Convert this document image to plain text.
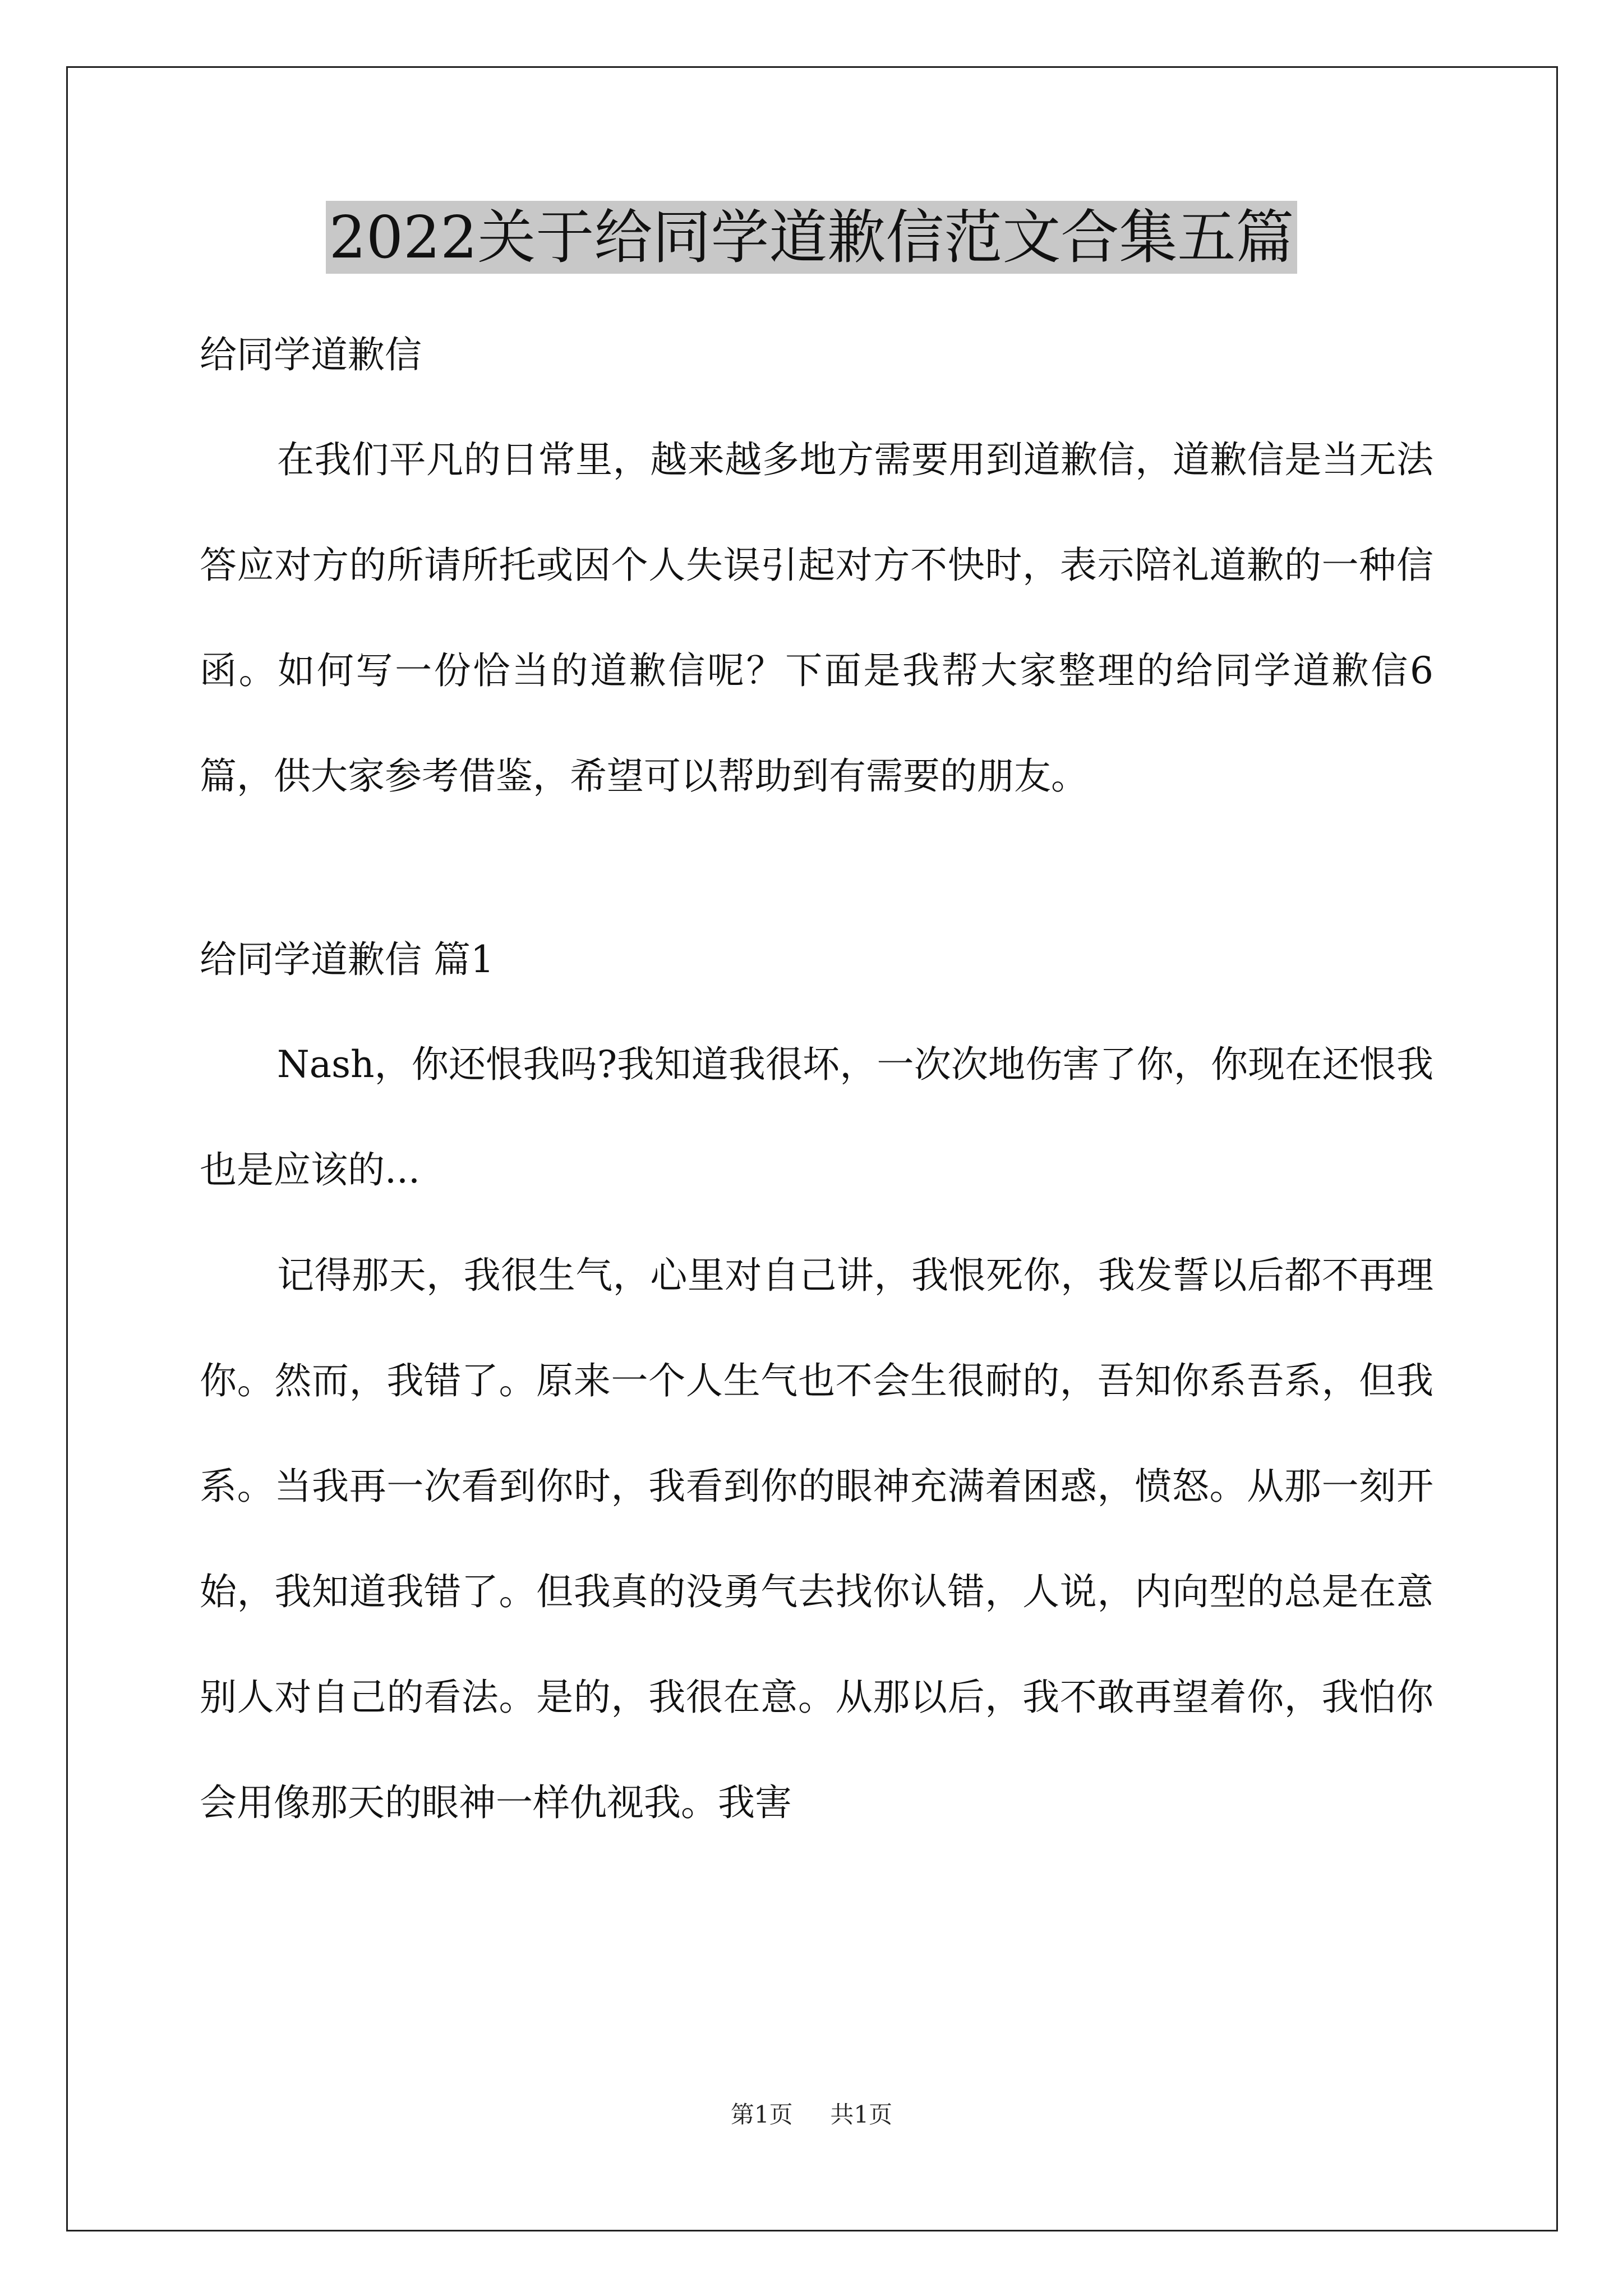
2022关于给同学道歉信范文合集五篇

给同学道歉信

在我们平凡的日常里，越来越多地方需要用到道歉信，道歉信是当无法答应对方的所请所托或因个人失误引起对方不快时，表示陪礼道歉的一种信函。如何写一份恰当的道歉信呢？下面是我帮大家整理的给同学道歉信6篇，供大家参考借鉴，希望可以帮助到有需要的朋友。

给同学道歉信 篇1

Nash，你还恨我吗?我知道我很坏，一次次地伤害了你，你现在还恨我也是应该的...

记得那天，我很生气，心里对自己讲，我恨死你，我发誓以后都不再理你。然而，我错了。原来一个人生气也不会生很耐的，吾知你系吾系，但我系。当我再一次看到你时，我看到你的眼神充满着困惑，愤怒。从那一刻开始，我知道我错了。但我真的没勇气去找你认错，人说，内向型的总是在意别人对自己的看法。是的，我很在意。从那以后，我不敢再望着你，我怕你会用像那天的眼神一样仇视我。我害

第1页 共1页
